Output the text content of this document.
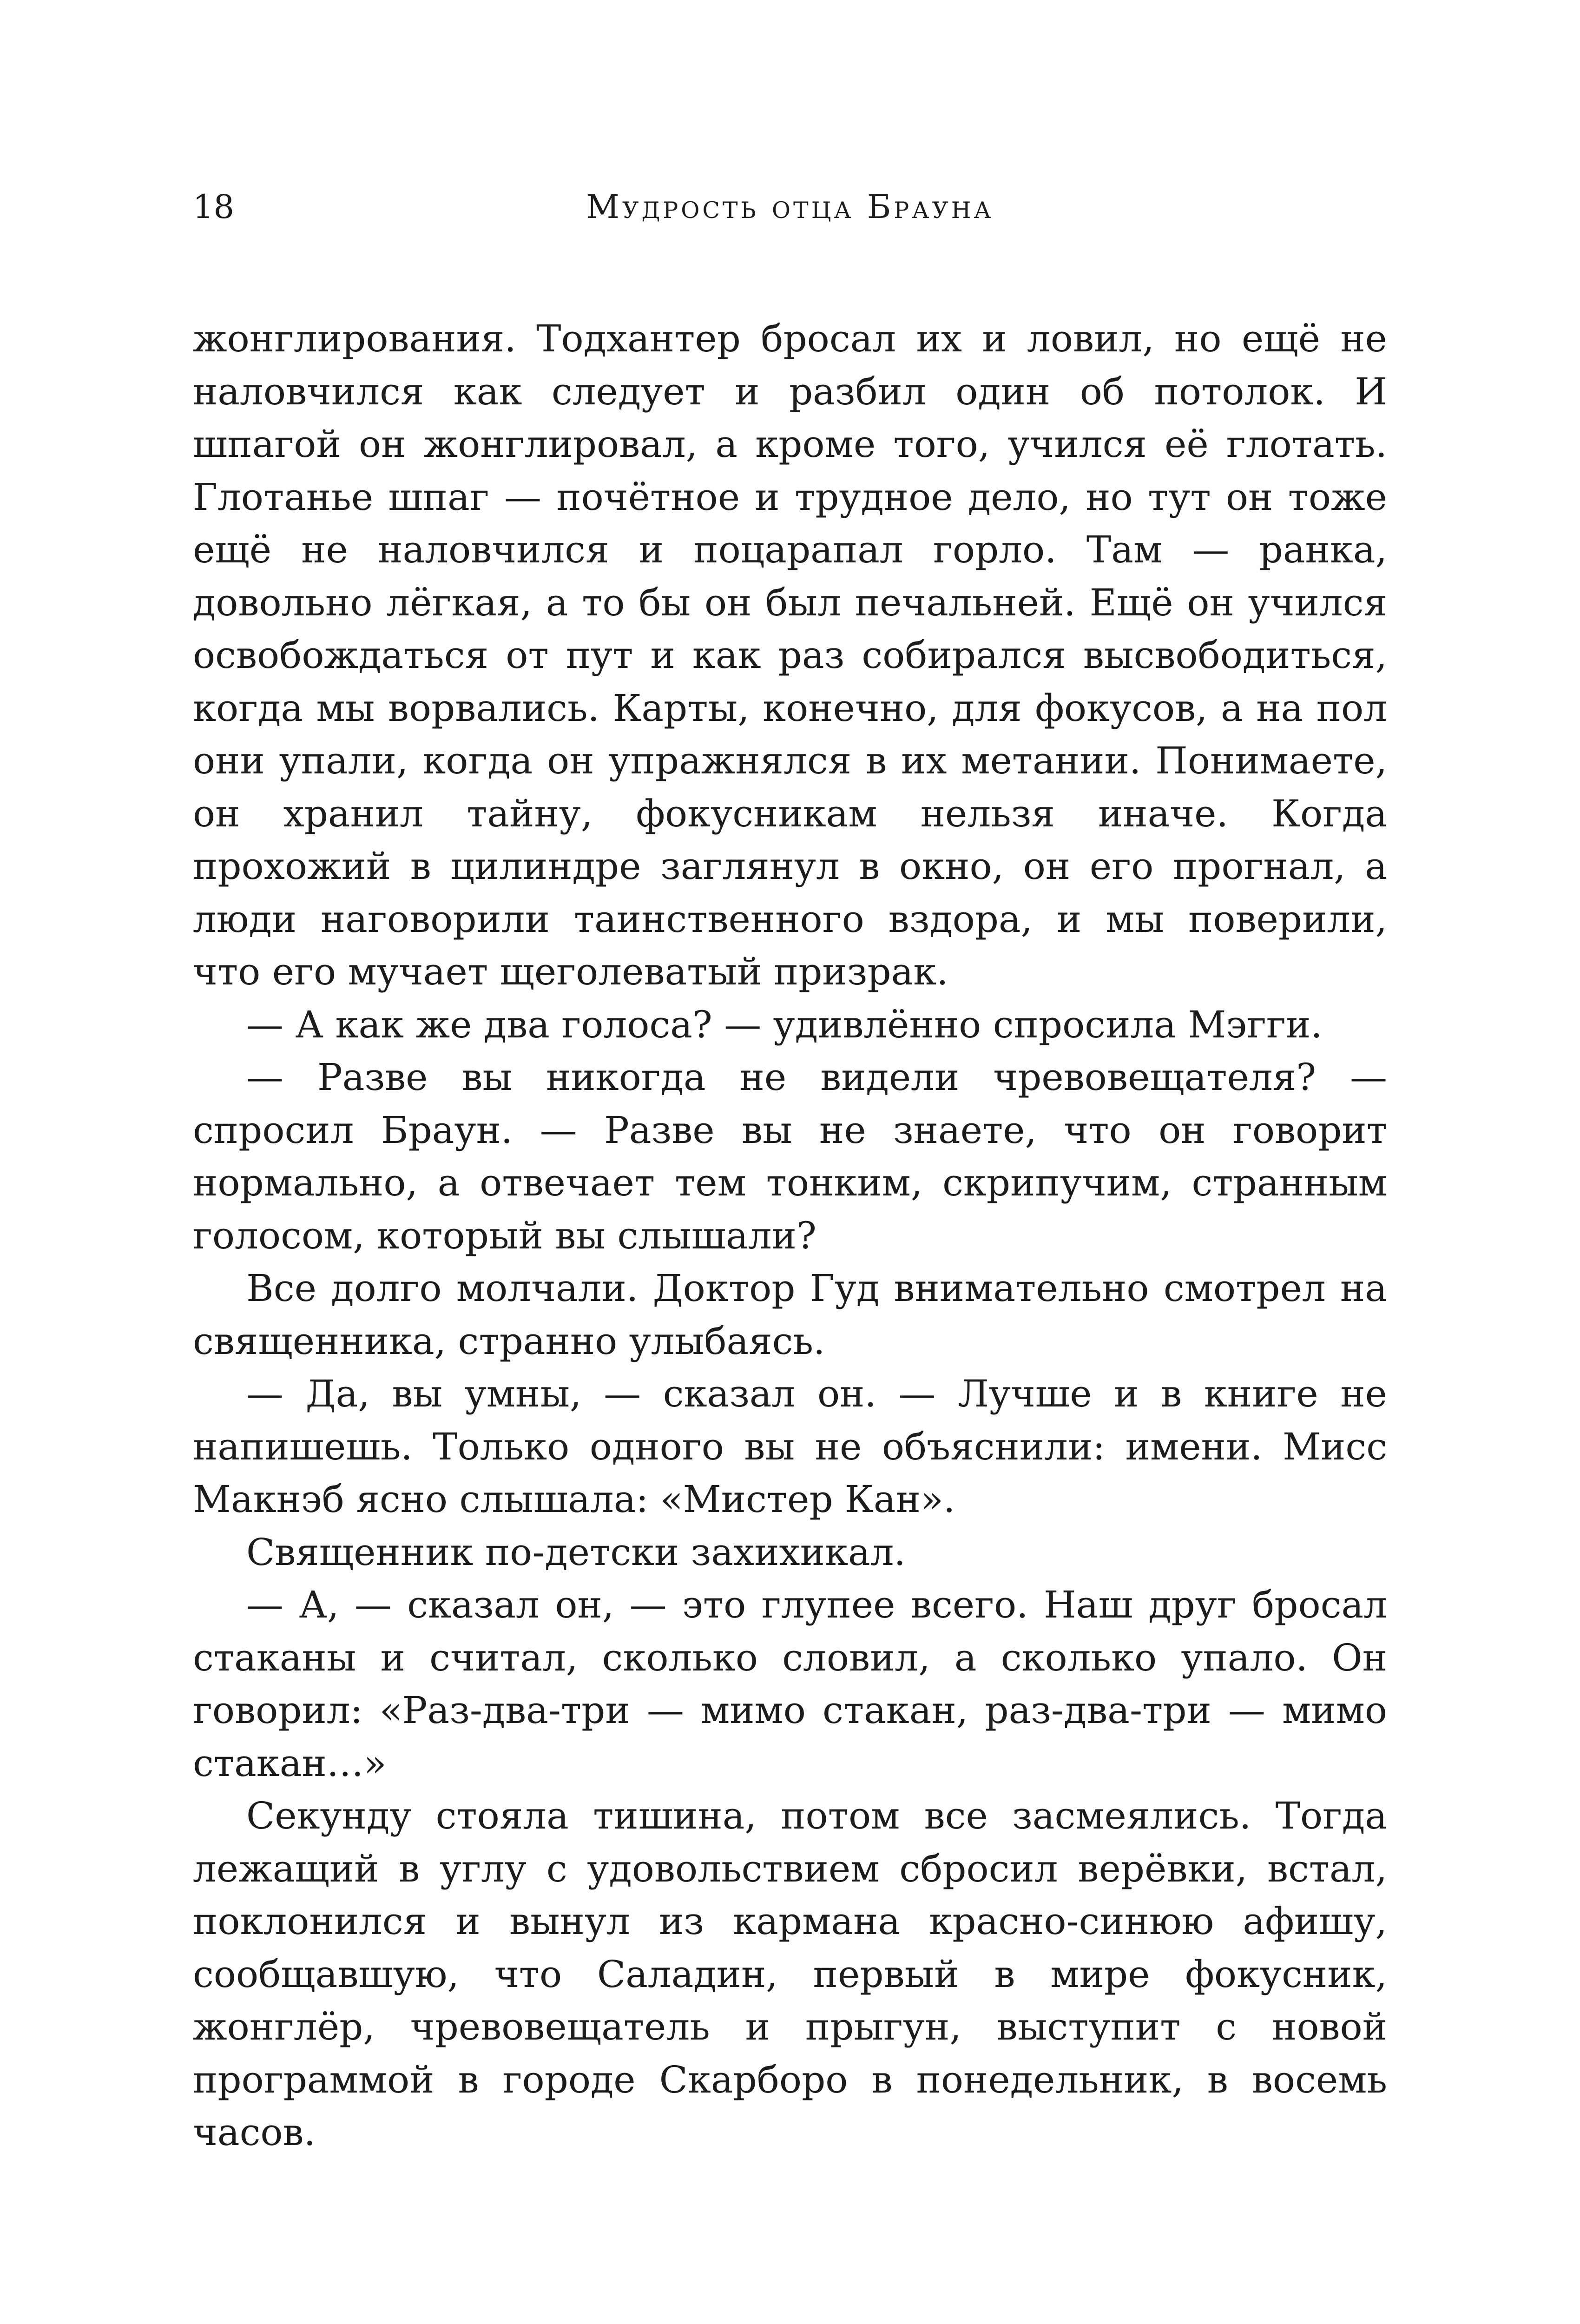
18	Мудрость отца Брауна

жонглирования. Тодхантер бросал их и ловил, но ещё не наловчился как следует и разбил один об потолок. И шпагой он жонглировал, а кроме того, учился её глотать. Глотанье шпаг — почётное и трудное дело, но тут он тоже ещё не наловчился и поцарапал горло. Там — ранка, довольно лёгкая, а то бы он был печальней. Ещё он учился освобождаться от пут и как раз собирался высвободиться, когда мы ворвались. Карты, конечно, для фокусов, а на пол они упали, когда он упражнялся в их метании. Понимаете, он хранил тайну, фокусникам нельзя иначе. Когда прохожий в цилиндре заглянул в окно, он его прогнал, а люди наговорили таинственного вздора, и мы поверили, что его мучает щеголеватый призрак.

— А как же два голоса? — удивлённо спросила Мэгги.

— Разве вы никогда не видели чревовещателя? — спросил Браун. — Разве вы не знаете, что он говорит нормально, а отвечает тем тонким, скрипучим, странным голосом, который вы слышали?

Все долго молчали. Доктор Гуд внимательно смотрел на священника, странно улыбаясь.

— Да, вы умны, — сказал он. — Лучше и в книге не напишешь. Только одного вы не объяснили: имени. Мисс Макнэб ясно слышала: «Мистер Кан».

Священник по-детски захихикал.

— А, — сказал он, — это глупее всего. Наш друг бросал стаканы и считал, сколько словил, а сколько упало. Он говорил: «Раз-два-три — мимо стакан, раз-два-три — мимо стакан…»

Секунду стояла тишина, потом все засмеялись. Тогда лежащий в углу с удовольствием сбросил верёвки, встал, поклонился и вынул из кармана красно-синюю афишу, сообщавшую, что Саладин, первый в мире фокусник, жонглёр, чревовещатель и прыгун, выступит с новой программой в городе Скарборо в понедельник, в восемь часов.
